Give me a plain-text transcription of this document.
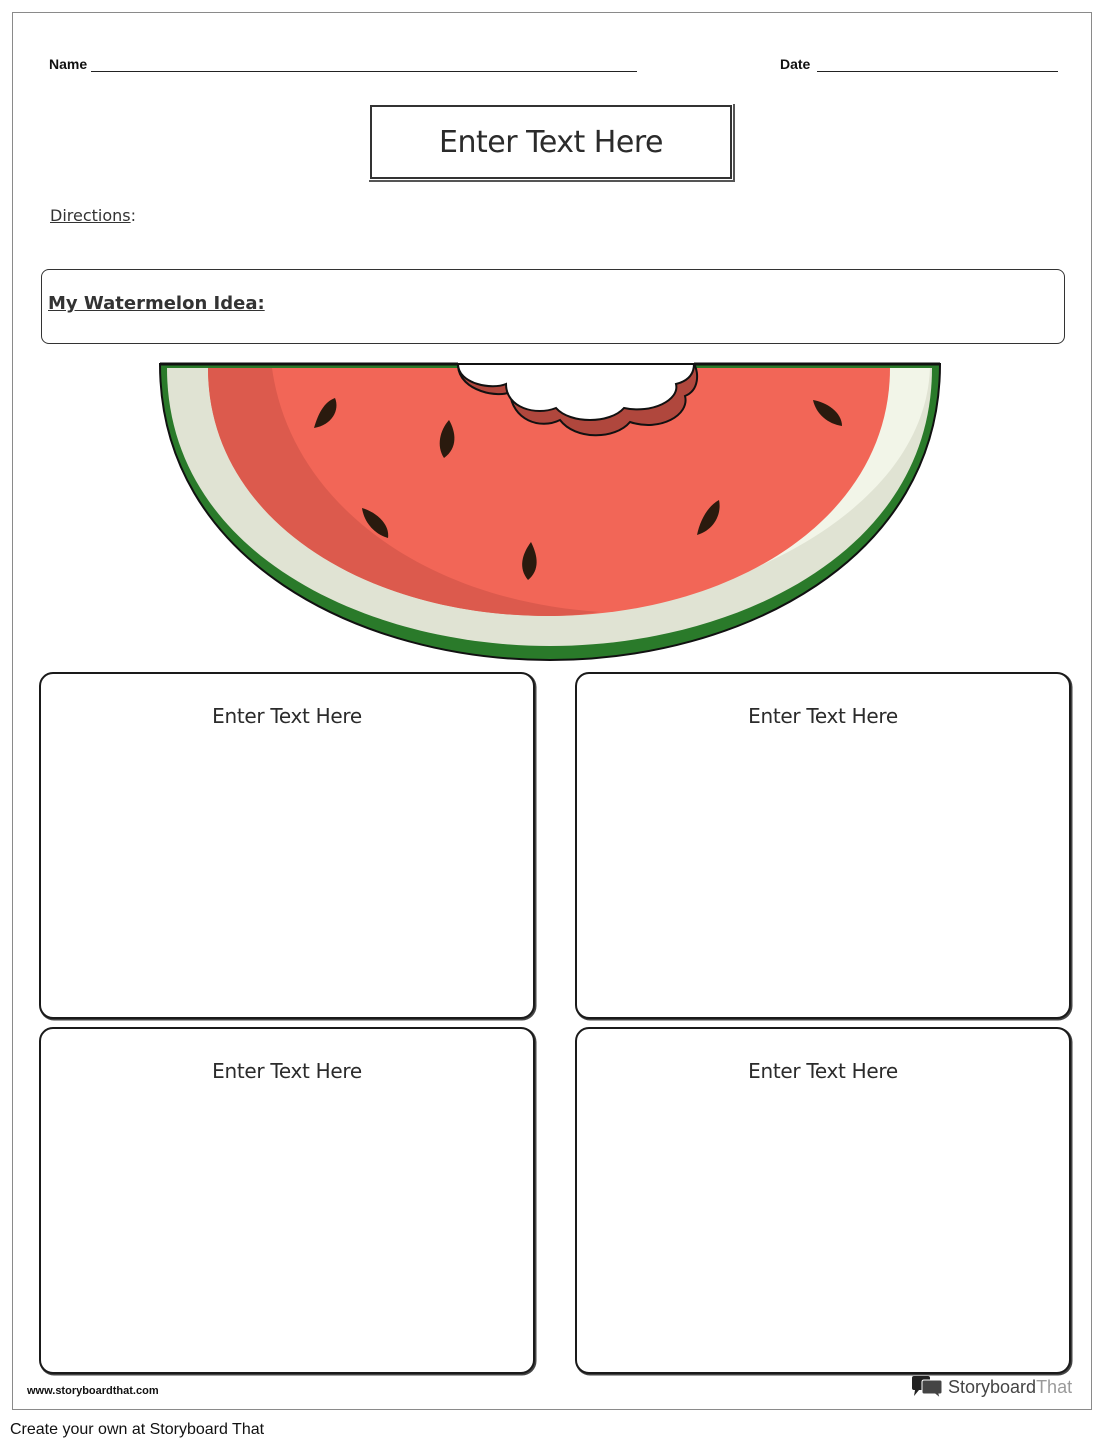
Name	Date
Enter Text Here
Directions:
My Watermelon Idea:
Enter Text Here	Enter Text Here
Enter Text Here	Enter Text Here
www.storyboardthat.com	StoryboardThat
Create your own at Storyboard That
